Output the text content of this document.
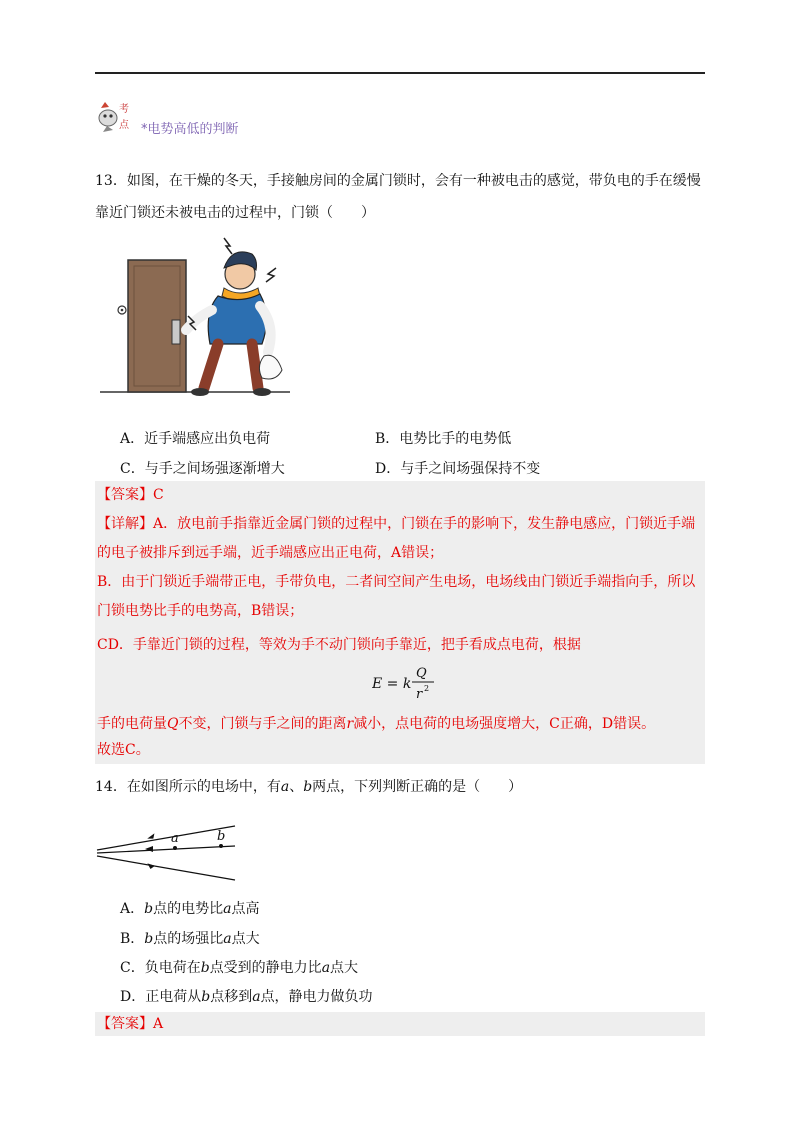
考
点 *电势高低的判断
13．如图，在干燥的冬天，手接触房间的金属门锁时，会有一种被电击的感觉，带负电的手在缓慢
靠近门锁还未被电击的过程中，门锁（　　）
A．近手端感应出负电荷	B．电势比手的电势低
C．与手之间场强逐渐增大	D．与手之间场强保持不变
【答案】C
【详解】A．放电前手指靠近金属门锁的过程中，门锁在手的影响下，发生静电感应，门锁近手端
的电子被排斥到远手端，近手端感应出正电荷，A错误；
B．由于门锁近手端带正电，手带负电，二者间空间产生电场，电场线由门锁近手端指向手，所以
门锁电势比手的电势高，B错误；
CD．手靠近门锁的过程，等效为手不动门锁向手靠近，把手看成点电荷，根据
E = k
Q
r 2
手的电荷量Q不变，门锁与手之间的距离r减小，点电荷的电场强度增大，C正确，D错误。
故选C。
14．在如图所示的电场中，有a、b两点，下列判断正确的是（　　）
a	b
A．b点的电势比a点高
B．b点的场强比a点大
C．负电荷在b点受到的静电力比a点大
D．正电荷从b点移到a点，静电力做负功
【答案】A
